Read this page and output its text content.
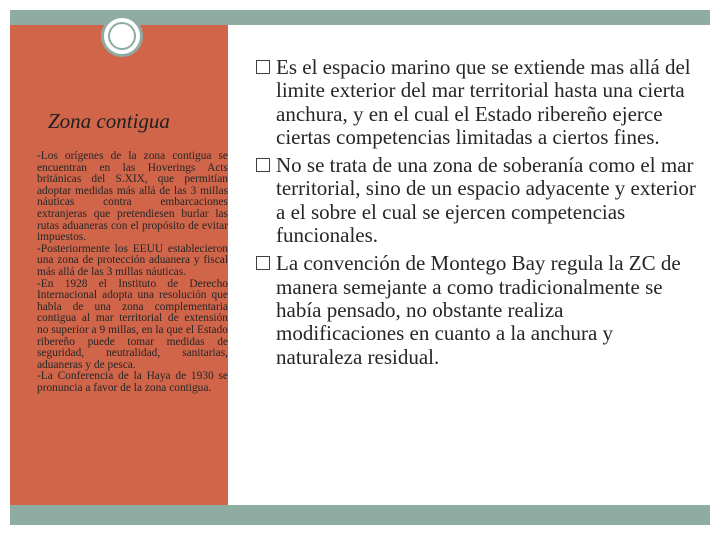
Zona contigua

-Los orígenes de la zona contigua se encuentran en las Hoverings Acts británicas del S.XIX, que permitían adoptar medidas más allá de las 3 millas náuticas contra embarcaciones extranjeras que pretendiesen burlar las rutas aduaneras con el propósito de evitar impuestos.

-Posteriormente los EEUU establecieron una zona de protección aduanera y fiscal más allá de las 3 millas náuticas.

-En 1928 el Instituto de Derecho Internacional adopta una resolución que habla de una zona complementaria contigua al mar territorial de extensión no superior a 9 millas, en la que el Estado ribereño puede tomar medidas de seguridad, neutralidad, sanitarias, aduaneras y de pesca.

-La Conferencia de la Haya de 1930 se pronuncia a favor de la zona contigua.

Es el espacio marino que se extiende mas allá del limite exterior del mar territorial hasta una cierta anchura, y en el cual el Estado ribereño ejerce ciertas competencias limitadas a ciertos fines.
No se trata de una zona de soberanía como el mar territorial, sino de un espacio adyacente y exterior a el sobre el cual se ejercen competencias funcionales.
La convención de Montego Bay regula la ZC de manera semejante a como tradicionalmente se había pensado, no obstante realiza modificaciones en cuanto a la anchura y naturaleza residual.
